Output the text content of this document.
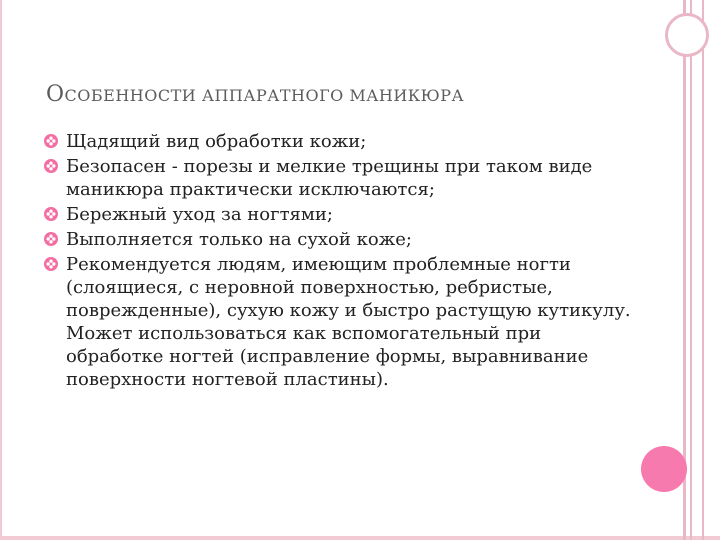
ОСОБЕННОСТИ АППАРАТНОГО МАНИКЮРА
Щадящий вид обработки кожи;
Безопасен - порезы и мелкие трещины при таком виде маникюра практически исключаются;
Бережный уход за ногтями;
Выполняется только на сухой коже;
Рекомендуется людям, имеющим проблемные ногти (слоящиеся, с неровной поверхностью, ребристые, поврежденные), сухую кожу и быстро растущую кутикулу. Может использоваться как вспомогательный при обработке ногтей (исправление формы, выравнивание поверхности ногтевой пластины).
